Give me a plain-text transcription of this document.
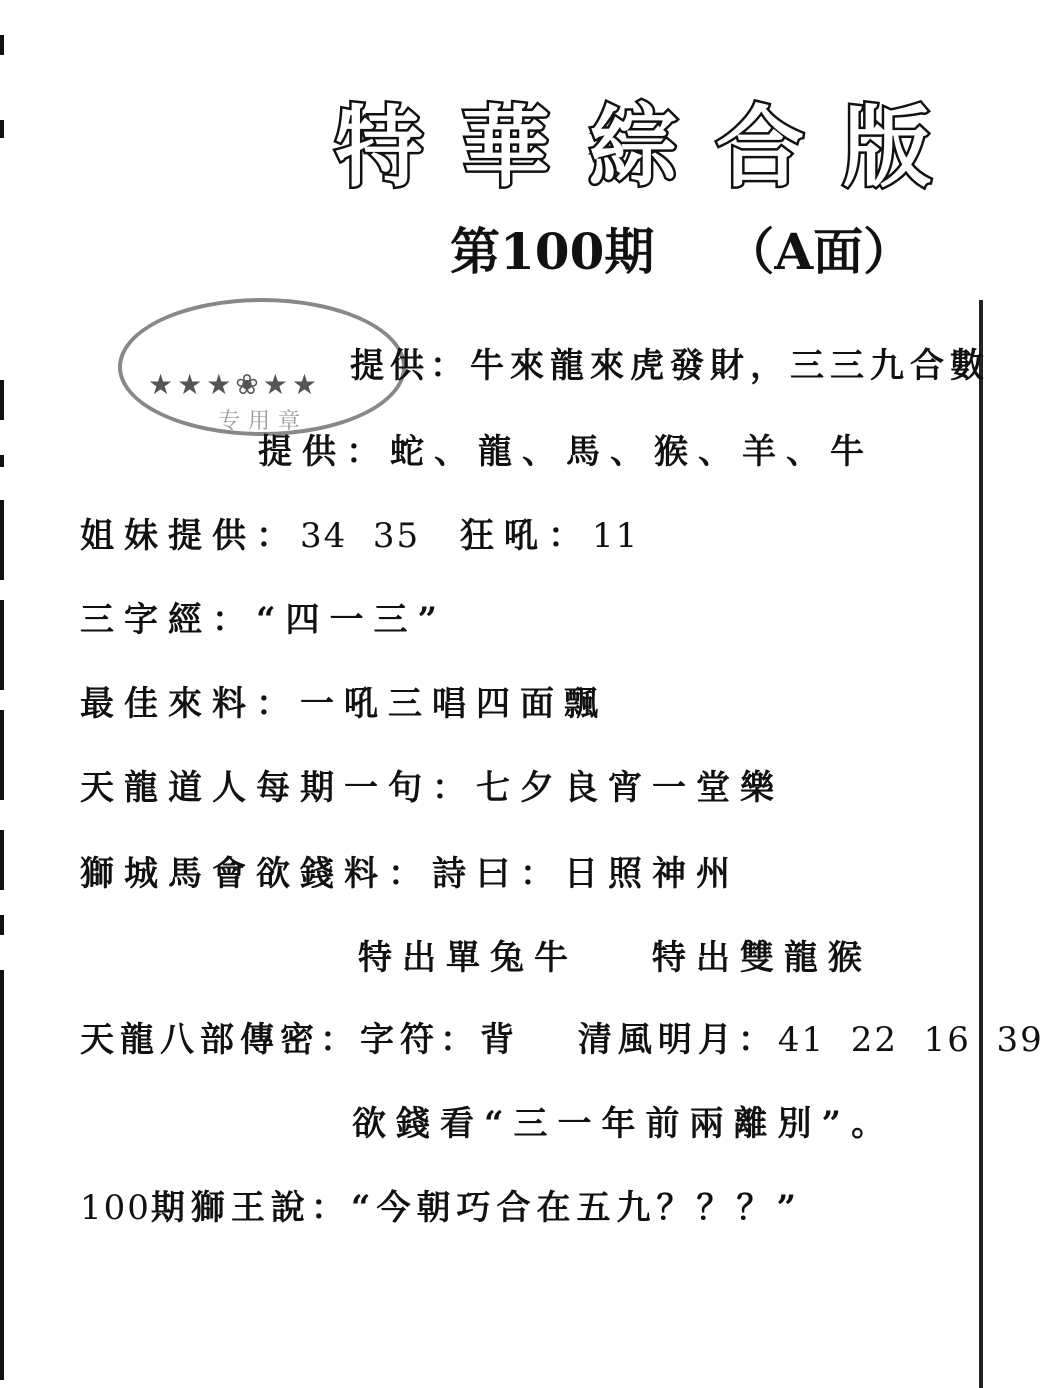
特 華 綜 合 版
第100期 （A面）
★★★❀★★
专用章
提供：牛來龍來虎發財，三三九合數
提供：蛇、龍、馬、猴、羊、牛
姐妹提供：34  35 狂吼：11
三字經：“四一三”
最佳來料：一吼三唱四面飄
天龍道人每期一句：七夕良宵一堂樂
獅城馬會欲錢料：詩曰：日照神州
特出單兔牛 特出雙龍猴
天龍八部傳密：字符：背 清風明月：41  22  16  39
欲錢看“三一年前兩離別”。
100期獅王說：“今朝巧合在五九？？？”
